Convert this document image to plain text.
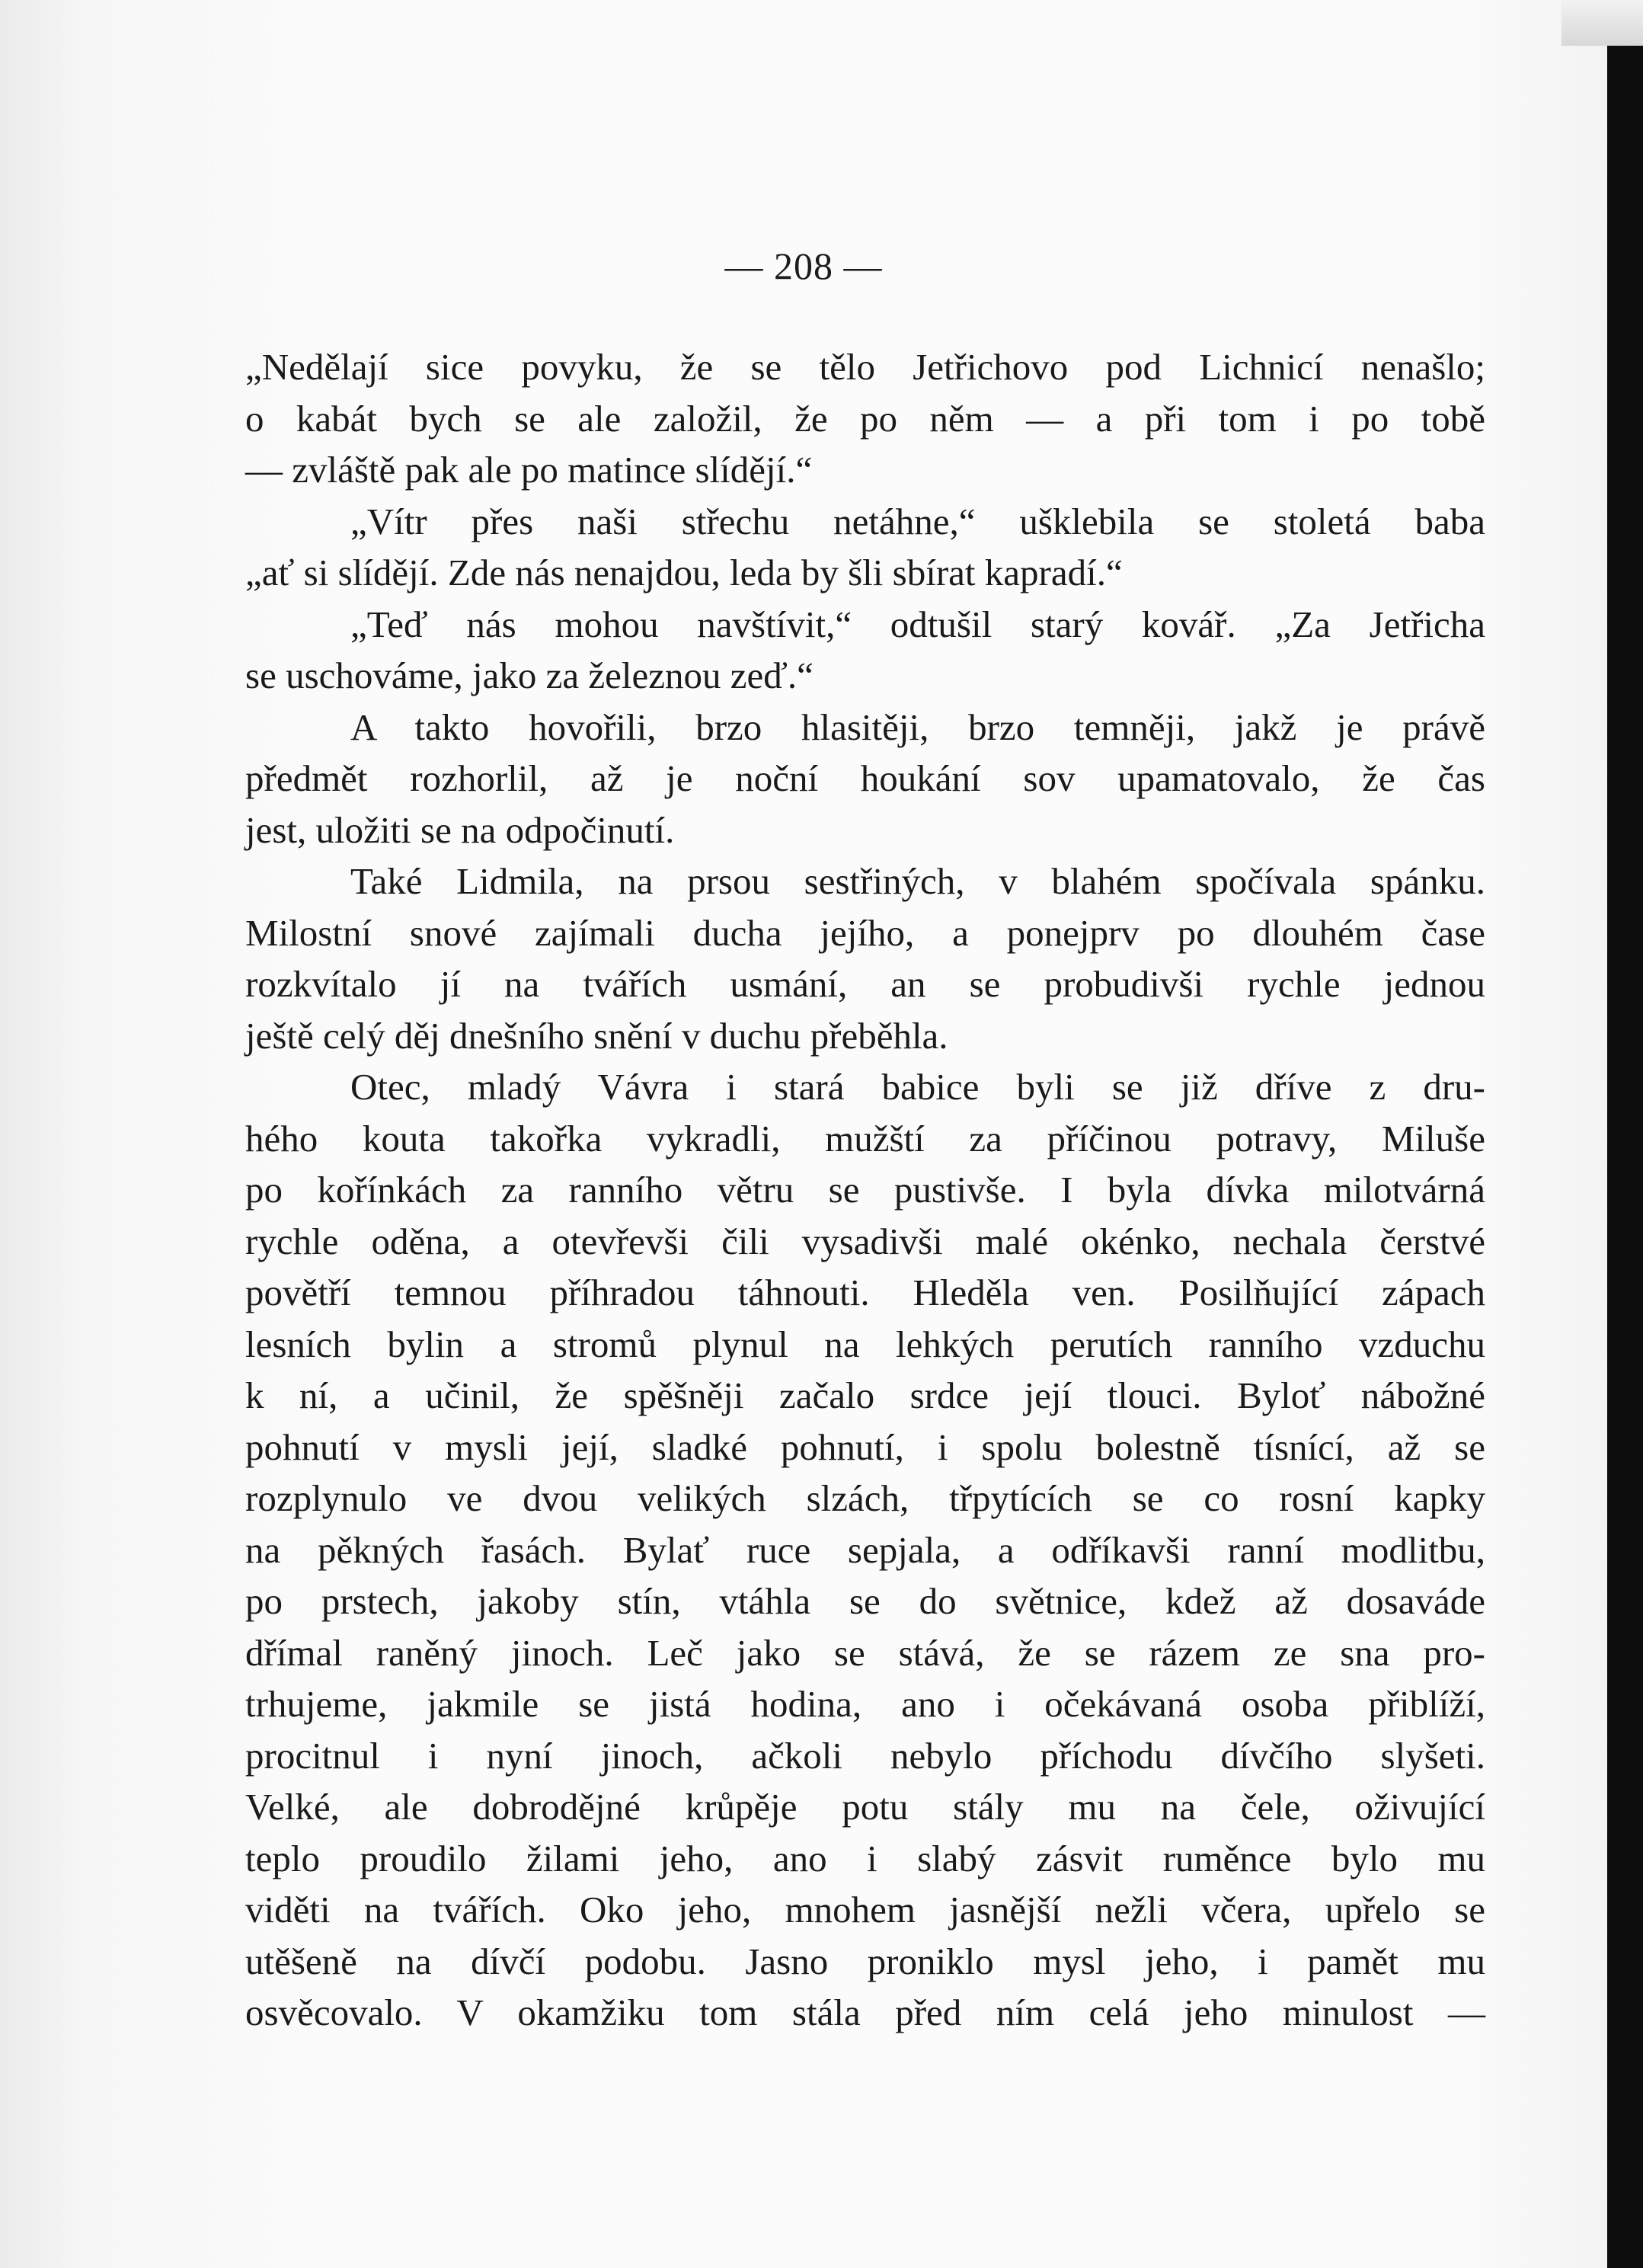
— 208 —

„Nedělají sice povyku, že se tělo Jetřichovo pod Lichnicí nenašlo;
o kabát bych se ale založil, že po něm — a při tom i po tobě
— zvláště pak ale po matince slídějí.“
„Vítr přes naši střechu netáhne,“ ušklebila se stoletá baba
„ať si slídějí. Zde nás nenajdou, leda by šli sbírat kapradí.“
„Teď nás mohou navštívit,“ odtušil starý kovář. „Za Jetřicha
se uschováme, jako za železnou zeď.“
A takto hovořili, brzo hlasitěji, brzo temněji, jakž je právě
předmět rozhorlil, až je noční houkání sov upamatovalo, že čas
jest, uložiti se na odpočinutí.
Také Lidmila, na prsou sestřiných, v blahém spočívala spánku.
Milostní snové zajímali ducha jejího, a ponejprv po dlouhém čase
rozkvítalo jí na tvářích usmání, an se probudivši rychle jednou
ještě celý děj dnešního snění v duchu přeběhla.
Otec, mladý Vávra i stará babice byli se již dříve z dru-
hého kouta takořka vykradli, mužští za příčinou potravy, Miluše
po kořínkách za ranního větru se pustivše. I byla dívka milotvárná
rychle oděna, a otevřevši čili vysadivši malé okénko, nechala čerstvé
povětří temnou příhradou táhnouti. Hleděla ven. Posilňující zápach
lesních bylin a stromů plynul na lehkých perutích ranního vzduchu
k ní, a učinil, že spěšněji začalo srdce její tlouci. Byloť nábožné
pohnutí v mysli její, sladké pohnutí, i spolu bolestně tísnící, až se
rozplynulo ve dvou velikých slzách, třpytících se co rosní kapky
na pěkných řasách. Bylať ruce sepjala, a odříkavši ranní modlitbu,
po prstech, jakoby stín, vtáhla se do světnice, kdež až dosaváde
dřímal raněný jinoch. Leč jako se stává, že se rázem ze sna pro-
trhujeme, jakmile se jistá hodina, ano i očekávaná osoba přiblíží,
procitnul i nyní jinoch, ačkoli nebylo příchodu dívčího slyšeti.
Velké, ale dobrodějné krůpěje potu stály mu na čele, oživující
teplo proudilo žilami jeho, ano i slabý zásvit ruměnce bylo mu
viděti na tvářích. Oko jeho, mnohem jasnější nežli včera, upřelo se
utěšeně na dívčí podobu. Jasno proniklo mysl jeho, i pamět mu
osvěcovalo. V okamžiku tom stála před ním celá jeho minulost —
